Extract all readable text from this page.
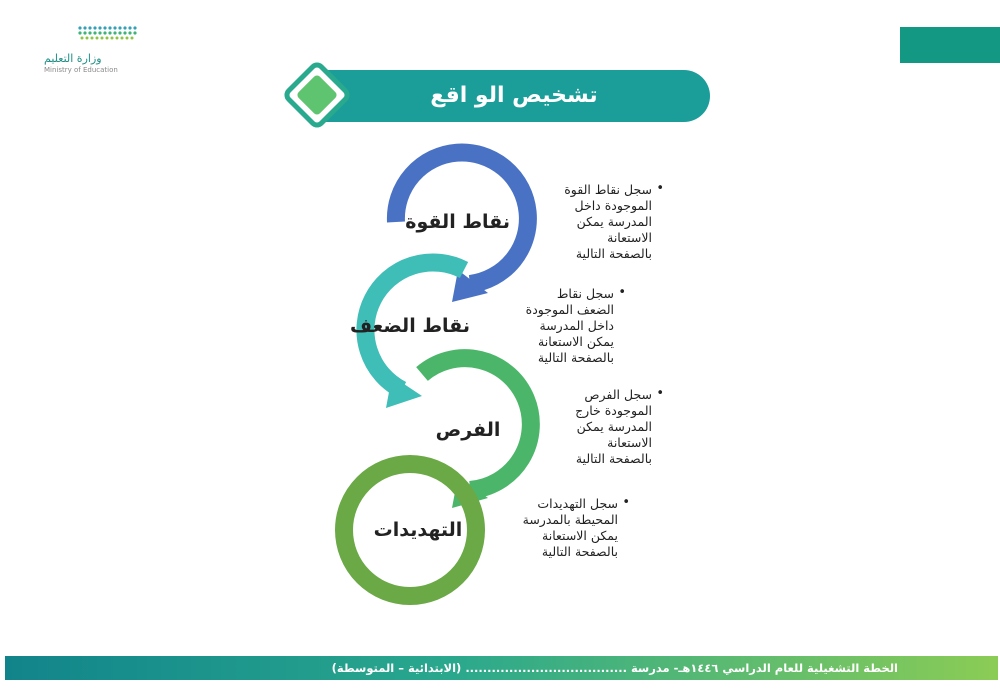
وزارة التعليم
Ministry of Education
تشخيص الو اقع
نقاط القوة
نقاط الضعف
الفرص
التهديدات
•
سجل نقاط القوة
الموجودة داخل
المدرسة يمكن
الاستعانة
بالصفحة التالية
•
سجل نقاط
الضعف الموجودة
داخل المدرسة
يمكن الاستعانة
بالصفحة التالية
•
سجل الفرص
الموجودة خارج
المدرسة يمكن
الاستعانة
بالصفحة التالية
•
سجل التهديدات
المحيطة بالمدرسة
يمكن الاستعانة
بالصفحة التالية
الخطة التشغيلية للعام الدراسي ١٤٤٦هـ- مدرسة ..................................... (الابتدائية – المتوسطة)
